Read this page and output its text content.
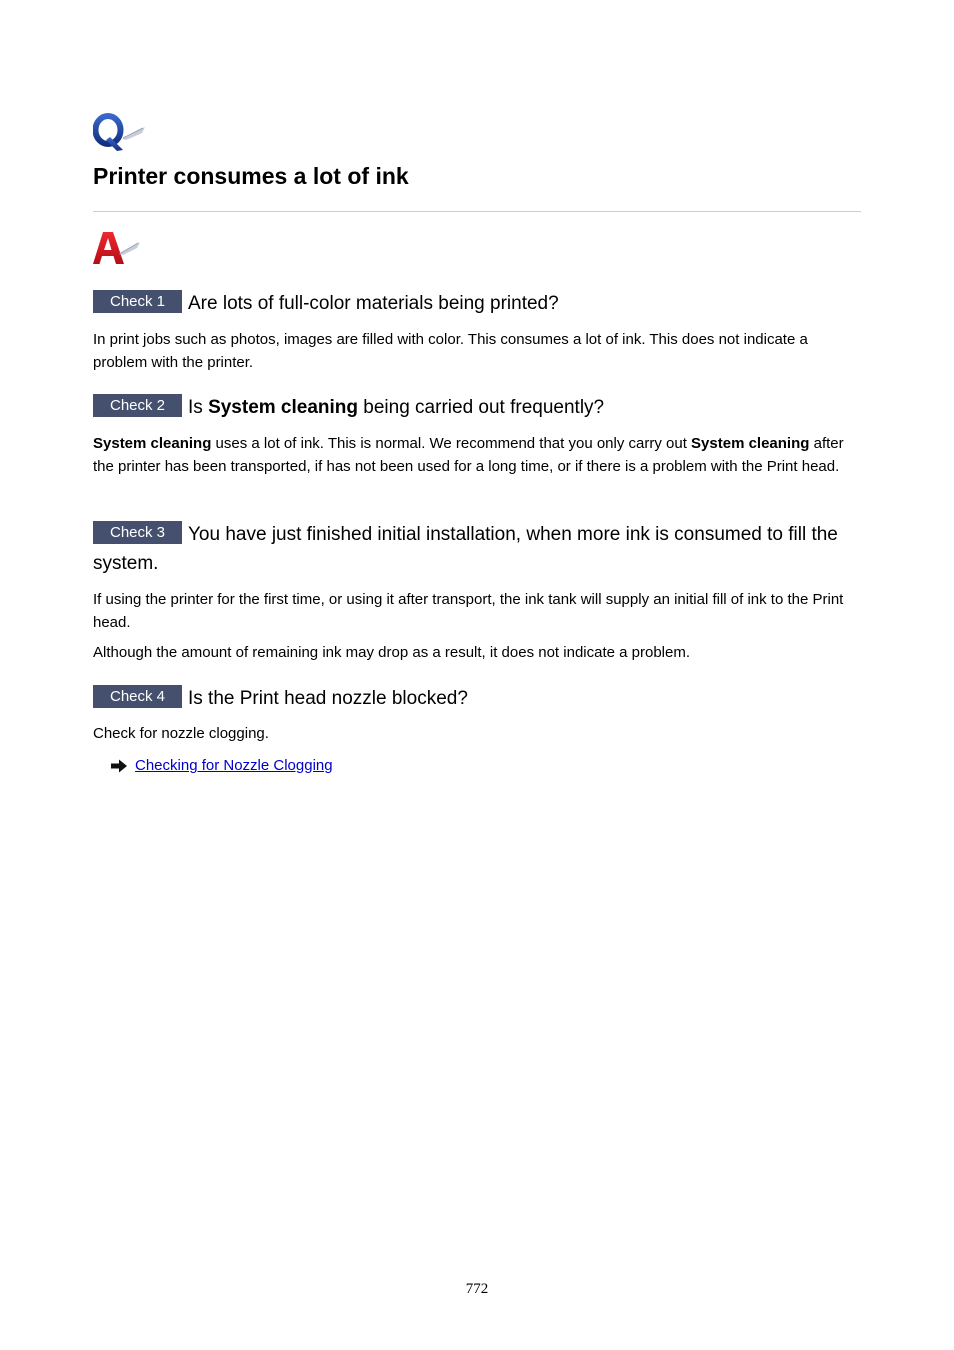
Printer consumes a lot of ink
Check 1 Are lots of full-color materials being printed?

In print jobs such as photos, images are filled with color. This consumes a lot of ink. This does not indicate a problem with the printer.

Check 2 Is System cleaning being carried out frequently?

System cleaning uses a lot of ink. This is normal. We recommend that you only carry out System cleaning after the printer has been transported, if has not been used for a long time, or if there is a problem with the Print head.

Check 3 You have just finished initial installation, when more ink is consumed to fill the system.

If using the printer for the first time, or using it after transport, the ink tank will supply an initial fill of ink to the Print head.

Although the amount of remaining ink may drop as a result, it does not indicate a problem.

Check 4 Is the Print head nozzle blocked?

Check for nozzle clogging.

Checking for Nozzle Clogging
772
